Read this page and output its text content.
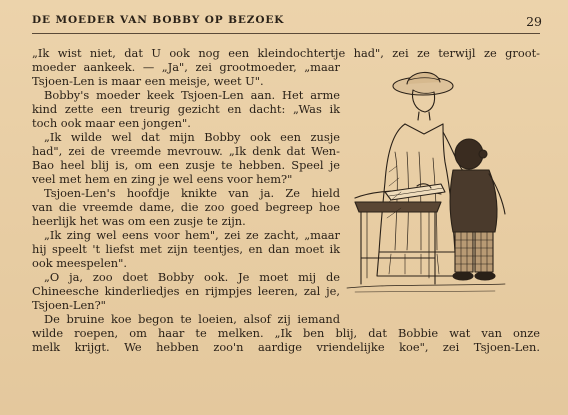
DE MOEDER VAN BOBBY OP BEZOEK	29
„Ik wist niet, dat U ook nog een kleindochtertje had", zei ze terwijl ze groot-
moeder aankeek. — „Ja", zei grootmoeder, „maar
Tsjoen-Len is maar een meisje, weet U".
Bobby's moeder keek Tsjoen-Len aan. Het arme
kind zette een treurig gezicht en dacht: „Was ik
toch ook maar een jongen".
„Ik wilde wel dat mijn Bobby ook een zusje
had", zei de vreemde mevrouw. „Ik denk dat Wen-
Bao heel blij is, om een zusje te hebben. Speel je
veel met hem en zing je wel eens voor hem?"
Tsjoen-Len's hoofdje knikte van ja. Ze hield
van die vreemde dame, die zoo goed begreep hoe
heerlijk het was om een zusje te zijn.
„Ik zing wel eens voor hem", zei ze zacht, „maar
hij speelt 't liefst met zijn teentjes, en dan moet ik
ook meespelen".
„O ja, zoo doet Bobby ook. Je moet mij de
Chineesche kinderliedjes en rijmpjes leeren, zal je,
Tsjoen-Len?"
De bruine koe begon te loeien, alsof zij iemand
wilde roepen, om haar te melken. „Ik ben blij, dat Bobbie wat van onze
melk krijgt. We hebben zoo'n aardige vriendelijke koe", zei Tsjoen-Len.
